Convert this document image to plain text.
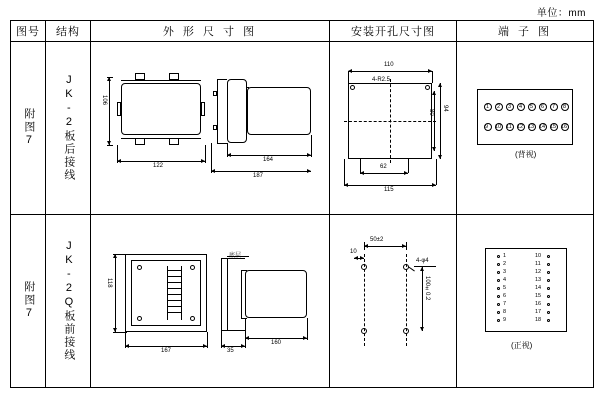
单位：mm
图号	结构	外 形 尺 寸 图	安装开孔尺寸图	端 子 图

附图7	JK-2板后接线	106
122
164
187

110
4-R2.5
94
80
62
115

1 2 3 4 5 6 7 8
9 10 11 12 13 14 15 16
(背视)

附图7	JK-2Q板前接线	118
167	35
160

50±2
10
4-φ4
100±0.2

1
2
3
4
5
6
7
8
9
10
11
12
13
14
15
16
17
18
(正视)
